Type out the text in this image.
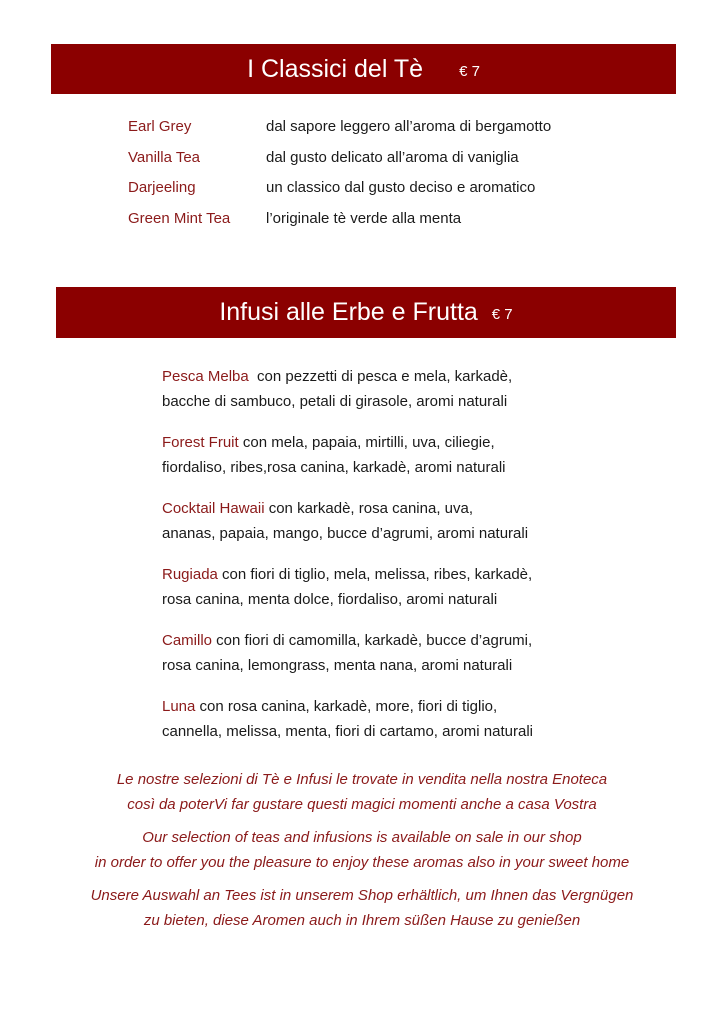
I Classici del Tè € 7
Earl Grey	dal sapore leggero all’aroma di bergamotto
Vanilla Tea	dal gusto delicato all’aroma di vaniglia
Darjeeling	un classico dal gusto deciso e aromatico
Green Mint Tea	l’originale tè verde alla menta
Infusi alle Erbe e Frutta € 7
Pesca Melba  con pezzetti di pesca e mela, karkadè,
bacche di sambuco, petali di girasole, aromi naturali
Forest Fruit con mela, papaia, mirtilli, uva, ciliegie,
fiordaliso, ribes,rosa canina, karkadè, aromi naturali
Cocktail Hawaii con karkadè, rosa canina, uva,
ananas, papaia, mango, bucce d’agrumi, aromi naturali
Rugiada con fiori di tiglio, mela, melissa, ribes, karkadè,
rosa canina, menta dolce, fiordaliso, aromi naturali
Camillo con fiori di camomilla, karkadè, bucce d’agrumi,
rosa canina, lemongrass, menta nana, aromi naturali
Luna con rosa canina, karkadè, more, fiori di tiglio,
cannella, melissa, menta, fiori di cartamo, aromi naturali
Le nostre selezioni di Tè e Infusi le trovate in vendita nella nostra Enoteca
così da poterVi far gustare questi magici momenti anche a casa Vostra
Our selection of teas and infusions is available on sale in our shop
in order to offer you the pleasure to enjoy these aromas also in your sweet home
Unsere Auswahl an Tees ist in unserem Shop erhältlich, um Ihnen das Vergnügen
zu bieten, diese Aromen auch in Ihrem süßen Hause zu genießen
